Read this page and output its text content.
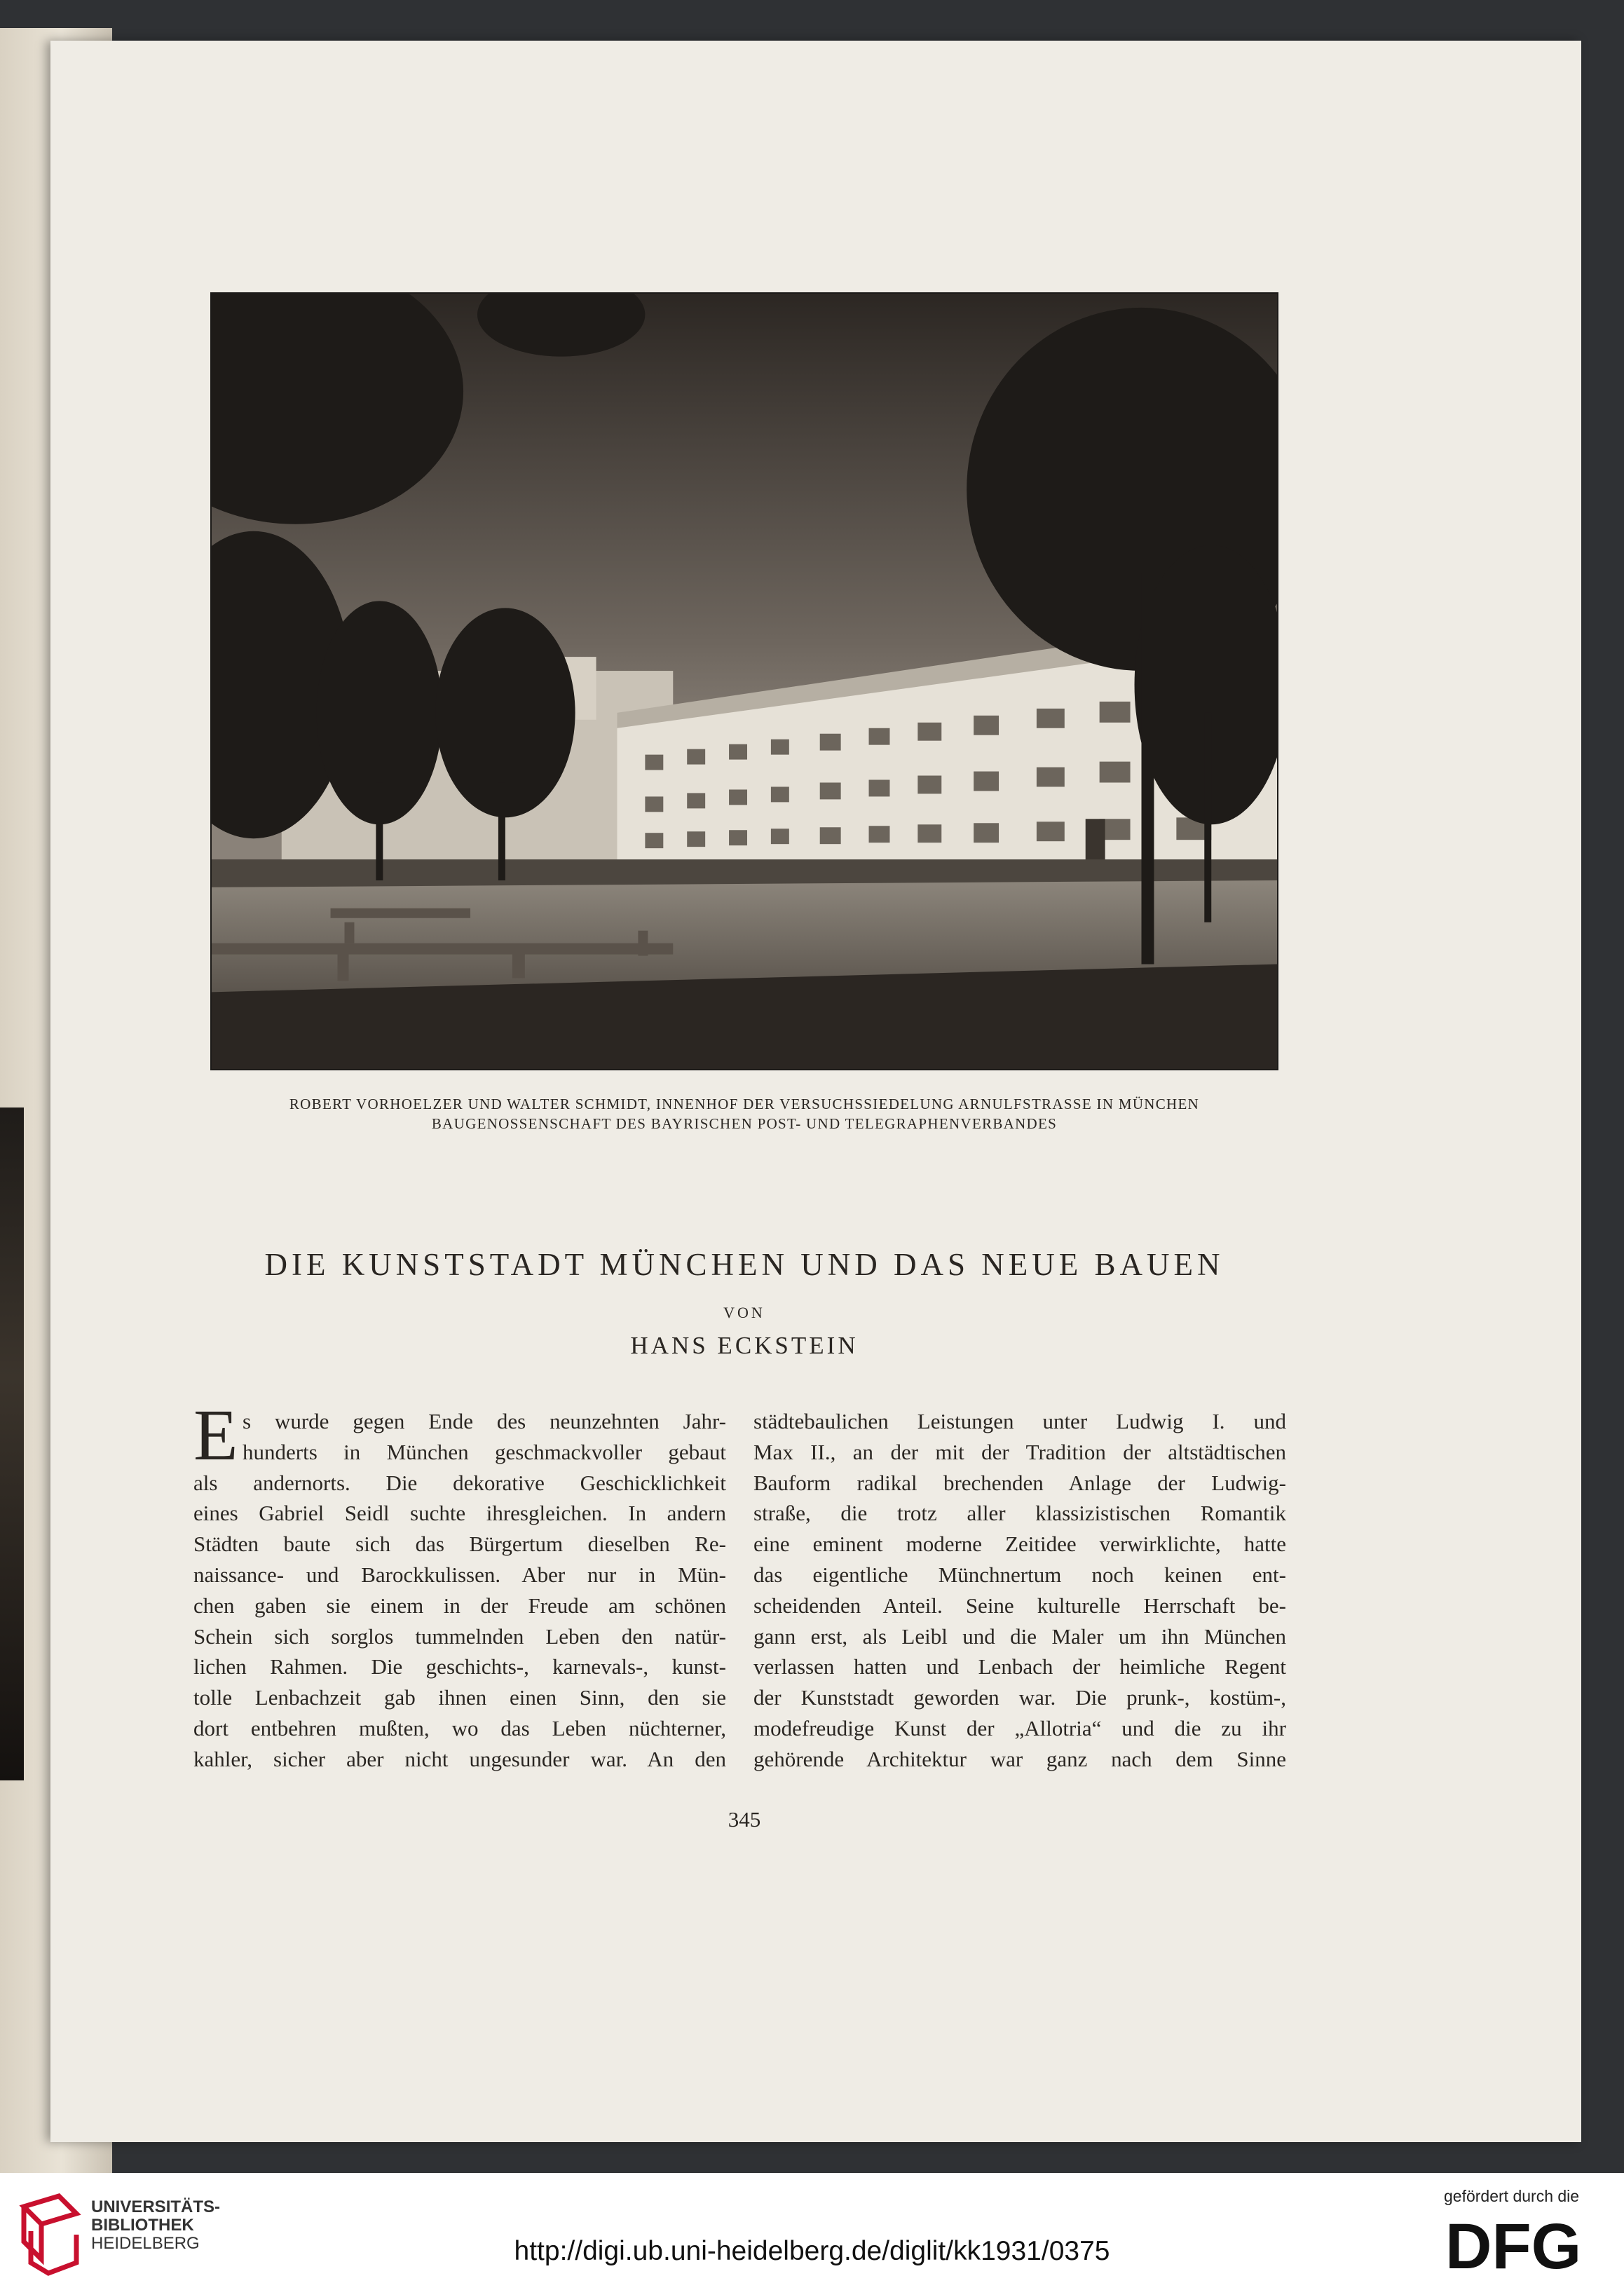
ROBERT VORHOELZER UND WALTER SCHMIDT, INNENHOF DER VERSUCHSSIEDELUNG ARNULFSTRASSE IN MÜNCHEN
BAUGENOSSENSCHAFT DES BAYRISCHEN POST- UND TELEGRAPHENVERBANDES
DIE KUNSTSTADT MÜNCHEN UND DAS NEUE BAUEN
VON
HANS ECKSTEIN
E s wurde gegen Ende des neunzehnten Jahr-
hunderts in München geschmackvoller gebaut
als andernorts. Die dekorative Geschicklichkeit
eines Gabriel Seidl suchte ihresgleichen. In andern
Städten baute sich das Bürgertum dieselben Re-
naissance- und Barockkulissen. Aber nur in Mün-
chen gaben sie einem in der Freude am schönen
Schein sich sorglos tummelnden Leben den natür-
lichen Rahmen. Die geschichts-, karnevals-, kunst-
tolle Lenbachzeit gab ihnen einen Sinn, den sie
dort entbehren mußten, wo das Leben nüchterner,
kahler, sicher aber nicht ungesunder war. An den
städtebaulichen Leistungen unter Ludwig I. und
Max II., an der mit der Tradition der altstädtischen
Bauform radikal brechenden Anlage der Ludwig-
straße, die trotz aller klassizistischen Romantik
eine eminent moderne Zeitidee verwirklichte, hatte
das eigentliche Münchnertum noch keinen ent-
scheidenden Anteil. Seine kulturelle Herrschaft be-
gann erst, als Leibl und die Maler um ihn München
verlassen hatten und Lenbach der heimliche Regent
der Kunststadt geworden war. Die prunk-, kostüm-,
modefreudige Kunst der „Allotria“ und die zu ihr
gehörende Architektur war ganz nach dem Sinne
345
UNIVERSITÄTS-
BIBLIOTHEK
HEIDELBERG	http://digi.ub.uni-heidelberg.de/diglit/kk1931/0375
gefördert durch die
DFG
